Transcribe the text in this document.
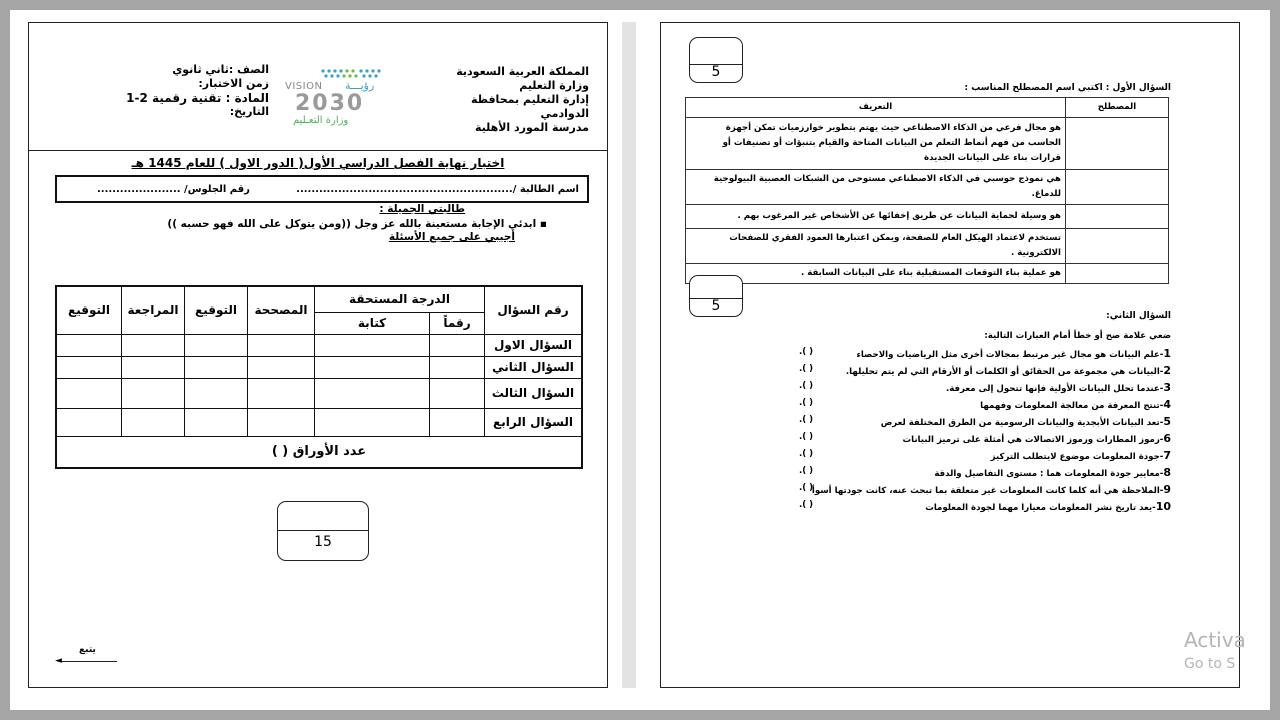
المملكة العربية السعودية
وزارة التعليم
إدارة التعليم بمحافظة الدوادمي
مدرسة المورد الأهلية
VISION رؤيـــة
2030
وزارة التعـليم
الصف :ثاني ثانوي
زمن الاختبار:
المادة : تقنية رقمية 2-1
التاريخ:
اختبار نهاية الفصل الدراسي الأول( الدور الاول ) للعام 1445 هـ
اسم الطالبة /.........................................................
رقم الجلوس/ ......................
طالبتي الجميلة :
▪ ابدئي الإجابة مستعينة بالله عز وجل ((ومن يتوكل على الله فهو حسبه ))
أجيبي على جميع الأسئلة
رقم السؤال	الدرجة المستحقة		المصححة	التوقيع	المراجعة	التوقيع
	رقماً	كتابة				
السؤال الاول						
السؤال الثاني						
السؤال الثالث						
السؤال الرابع						
عدد الأوراق ( )						
15
يتبع
◄
5
السؤال الأول : اكتبي اسم المصطلح المناسب :
المصطلح	التعريف
	هو مجال فرعي من الذكاء الاصطناعي حيث يهتم بتطوير خوارزميات تمكن أجهزة الحاسب من فهم أنماط التعلم من البيانات المتاحة والقيام بتنبؤات أو تصنيفات أو قرارات بناء على البيانات الجديدة
	هي نموذج حوسبي في الذكاء الاصطناعي مستوحى من الشبكات العصبية البيولوجية للدماغ.
	هو وسيلة لحماية البيانات عن طريق إخفائها عن الأشخاص غير المرغوب بهم .
	تستخدم لاعتماد الهيكل العام للصفحة، ويمكن اعتبارها العمود الفقري للصفحات الالكترونية .
	هو عملية بناء التوقعات المستقبلية بناء على البيانات السابقة .
5
السؤال الثاني:
ضعي علامة صح أو خطأ أمام العبارات التالية:
1-علم البيانات هو مجال غير مرتبط بمجالات أخرى مثل الرياضيات والاحصاء
.( )
2-البيانات هي مجموعة من الحقائق أو الكلمات أو الأرقام التي لم يتم تحليلها.
.( )
3-عندما تحلل البيانات الأولية فإنها تتحول إلى معرفة.
.( )
4-تنتج المعرفة من معالجة المعلومات وفهمها
.( )
5-تعد البيانات الأبجدية والبيانات الرسومية من الطرق المختلفة لعرض
.( )
6-رموز المطارات ورموز الاتصالات هي أمثلة على ترميز البيانات
.( )
7-جودة المعلومات موضوع لايتطلب التركيز
.( )
8-معايير جودة المعلومات هما : مستوى التفاصيل والدقة
.( )
9-الملاحظة هي أنه كلما كانت المعلومات غير متعلقة بما تبحث عنه، كانت جودتها أسوأ
.( )
10-يعد تاريخ نشر المعلومات معيارا مهما لجودة المعلومات
.( )
Activa
Go to S
